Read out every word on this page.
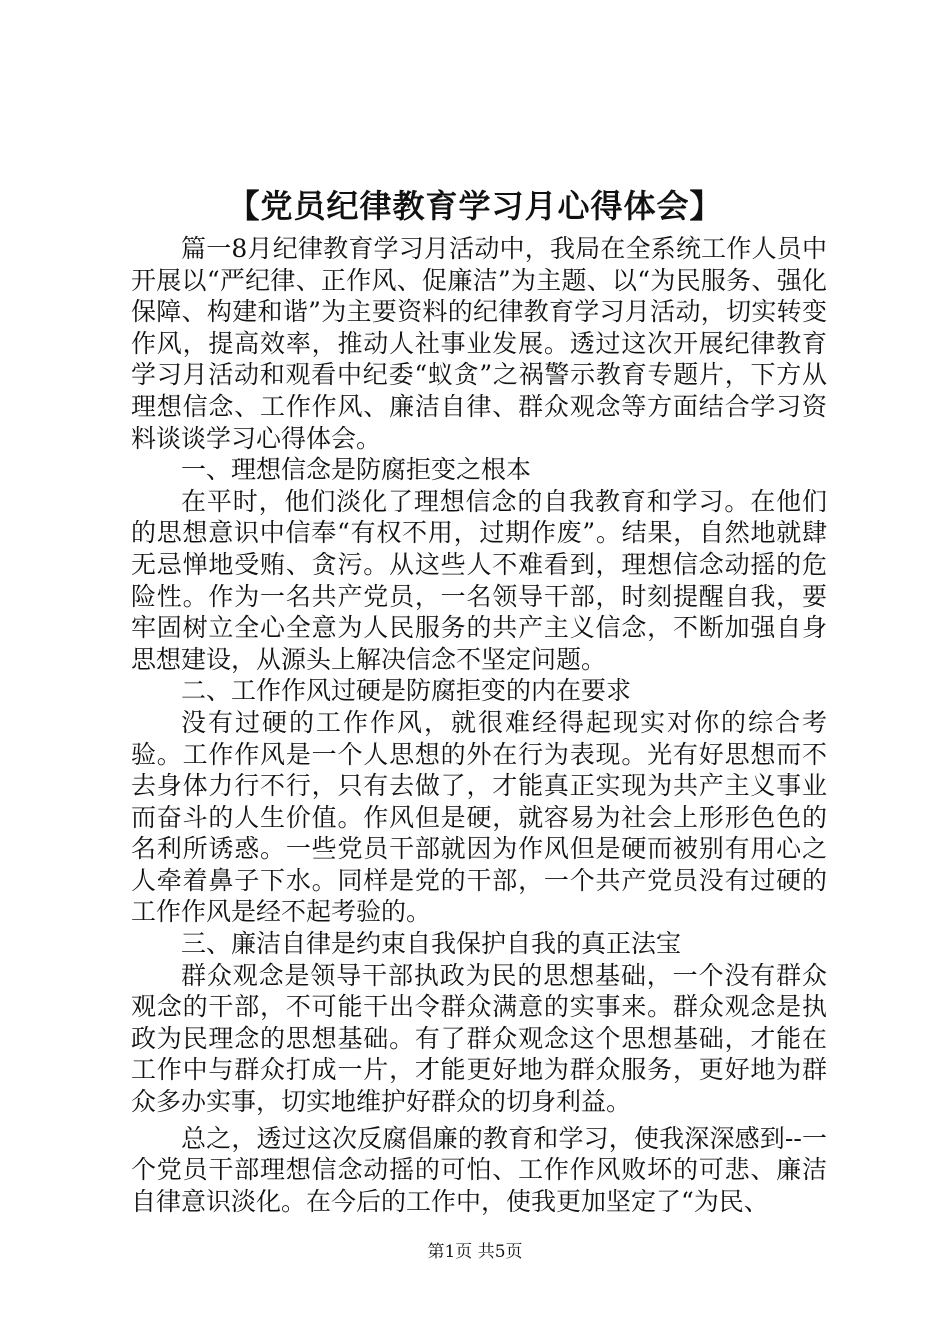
【党员纪律教育学习月心得体会】

篇一8月纪律教育学习月活动中，我局在全系统工作人员中开展以“严纪律、正作风、促廉洁”为主题、以“为民服务、强化保障、构建和谐”为主要资料的纪律教育学习月活动，切实转变作风，提高效率，推动人社事业发展。透过这次开展纪律教育学习月活动和观看中纪委“蚁贪”之祸警示教育专题片，下方从理想信念、工作作风、廉洁自律、群众观念等方面结合学习资料谈谈学习心得体会。

一、理想信念是防腐拒变之根本

在平时，他们淡化了理想信念的自我教育和学习。在他们的思想意识中信奉“有权不用，过期作废”。结果，自然地就肆无忌惮地受贿、贪污。从这些人不难看到，理想信念动摇的危险性。作为一名共产党员，一名领导干部，时刻提醒自我，要牢固树立全心全意为人民服务的共产主义信念，不断加强自身思想建设，从源头上解决信念不坚定问题。

二、工作作风过硬是防腐拒变的内在要求

没有过硬的工作作风，就很难经得起现实对你的综合考验。工作作风是一个人思想的外在行为表现。光有好思想而不去身体力行不行，只有去做了，才能真正实现为共产主义事业而奋斗的人生价值。作风但是硬，就容易为社会上形形色色的名利所诱惑。一些党员干部就因为作风但是硬而被别有用心之人牵着鼻子下水。同样是党的干部，一个共产党员没有过硬的工作作风是经不起考验的。

三、廉洁自律是约束自我保护自我的真正法宝

群众观念是领导干部执政为民的思想基础，一个没有群众观念的干部，不可能干出令群众满意的实事来。群众观念是执政为民理念的思想基础。有了群众观念这个思想基础，才能在工作中与群众打成一片，才能更好地为群众服务，更好地为群众多办实事，切实地维护好群众的切身利益。

总之，透过这次反腐倡廉的教育和学习，使我深深感到--一个党员干部理想信念动摇的可怕、工作作风败坏的可悲、廉洁自律意识淡化。在今后的工作中，使我更加坚定了“为民、

第1页 共5页
